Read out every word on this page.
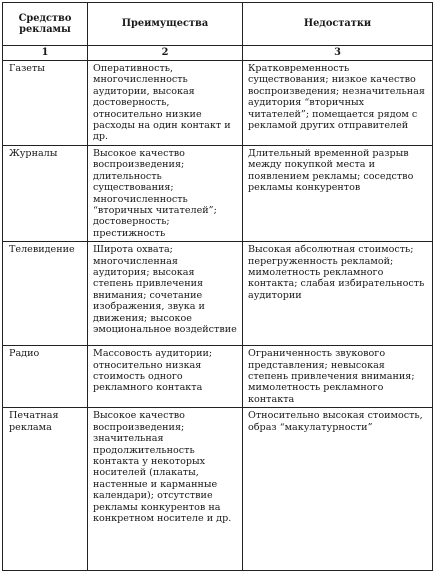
Средство рекламы	Преимущества	Недостатки
1	2	3

Газеты	Оперативность, многочисленность аудитории, высокая достоверность, относительно низкие расходы на один контакт и др.	Кратковременность существования; низкое качество воспроизведения; незначительная аудитория “вторичных читателей”; помещается рядом с рекламой других отправителей

Журналы	Высокое качество воспроизведения; длительность существования; многочисленность “вторичных читателей”; достоверность; престижность	Длительный временной разрыв между покупкой места и появлением рекламы; соседство рекламы конкурентов

Телевидение	Широта охвата; многочисленная аудитория; высокая степень привлечения внимания; сочетание изображения, звука и движения; высокое эмоциональное воздействие	Высокая абсолютная стоимость; перегруженность рекламой; мимолетность рекламного контакта; слабая избирательность аудитории

Радио	Массовость аудитории; относительно низкая стоимость одного рекламного контакта	Ограниченность звукового представления; невысокая степень привлечения внимания; мимолетность рекламного контакта

Печатная реклама	Высокое качество воспроизведения; значительная продолжительность контакта у некоторых носителей (плакаты, настенные и карманные календари); отсутствие рекламы конкурентов на конкретном носителе и др.	Относительно высокая стоимость, образ “макулатурности”
